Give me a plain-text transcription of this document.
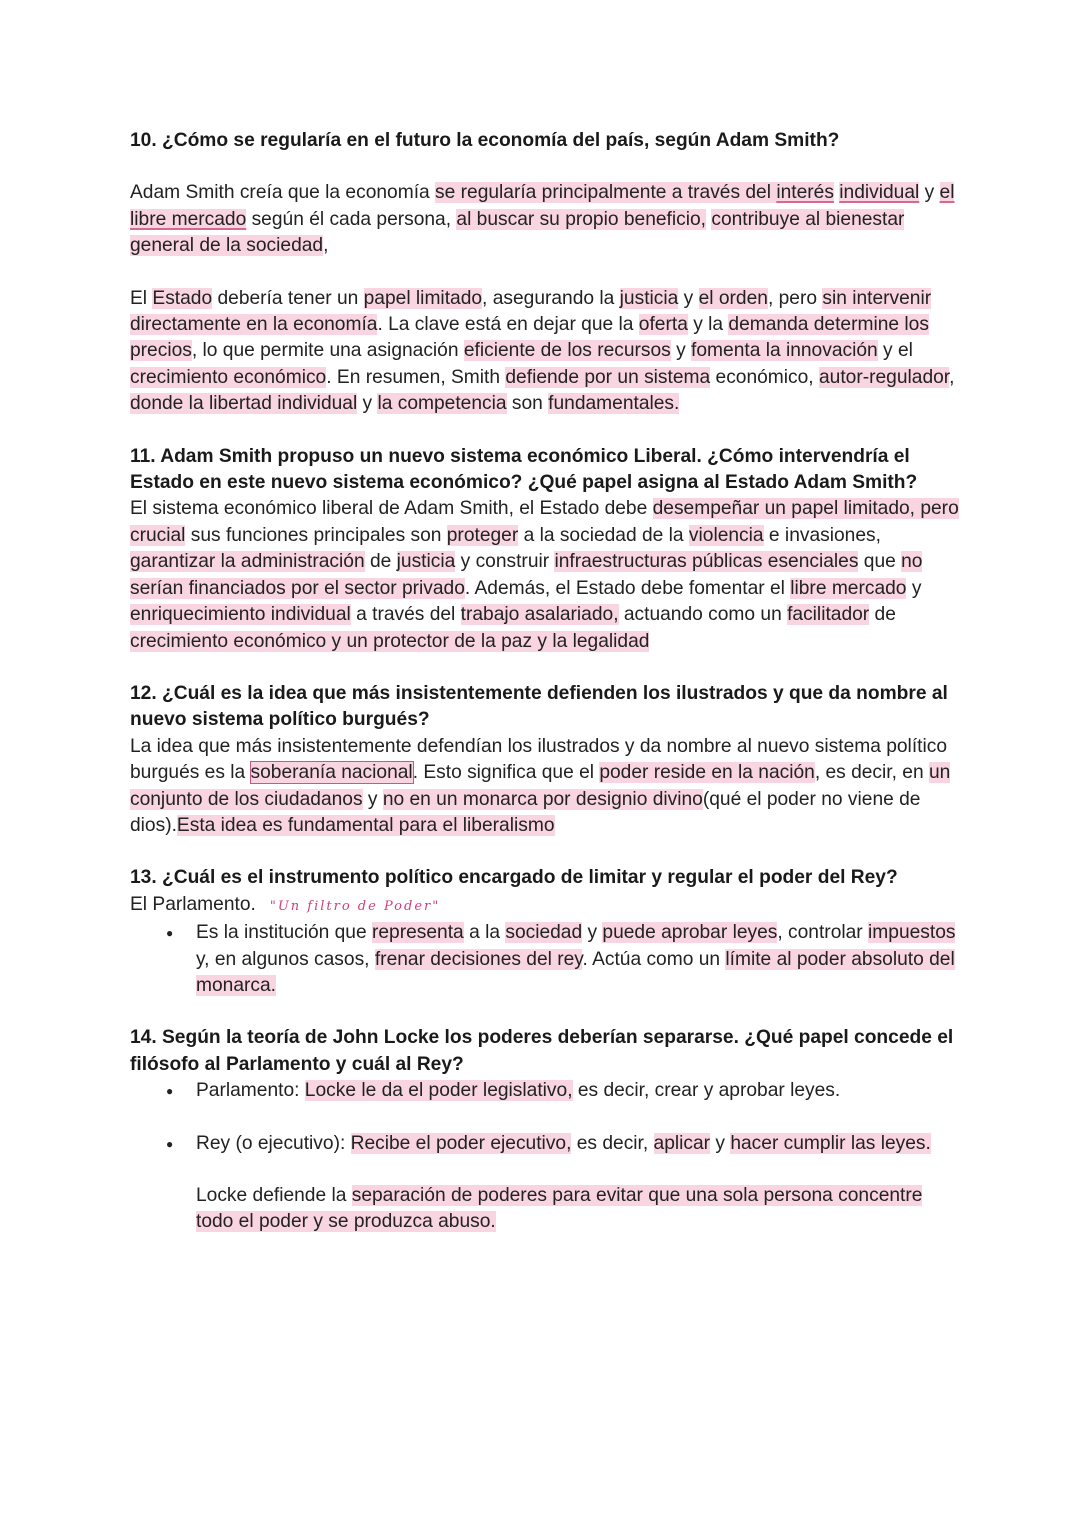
10. ¿Cómo se regularía en el futuro la economía del país, según Adam Smith?

Adam Smith creía que la economía se regularía principalmente a través del interés individual y el libre mercado según él cada persona, al buscar su propio beneficio, contribuye al bienestar general de la sociedad,

El Estado debería tener un papel limitado, asegurando la justicia y el orden, pero sin intervenir directamente en la economía. La clave está en dejar que la oferta y la demanda determine los precios, lo que permite una asignación eficiente de los recursos y fomenta la innovación y el crecimiento económico. En resumen, Smith defiende por un sistema económico, autor-regulador, donde la libertad individual y la competencia son fundamentales.

11. Adam Smith propuso un nuevo sistema económico Liberal. ¿Cómo intervendría el Estado en este nuevo sistema económico? ¿Qué papel asigna al Estado Adam Smith?

El sistema económico liberal de Adam Smith, el Estado debe desempeñar un papel limitado, pero crucial sus funciones principales son proteger a la sociedad de la violencia e invasiones, garantizar la administración de justicia y construir infraestructuras públicas esenciales que no serían financiados por el sector privado. Además, el Estado debe fomentar el libre mercado y enriquecimiento individual a través del trabajo asalariado, actuando como un facilitador de crecimiento económico y un protector de la paz y la legalidad

12. ¿Cuál es la idea que más insistentemente defienden los ilustrados y que da nombre al nuevo sistema político burgués?

La idea que más insistentemente defendían los ilustrados y da nombre al nuevo sistema político burgués es la soberanía nacional. Esto significa que el poder reside en la nación, es decir, en un conjunto de los ciudadanos y no en un monarca por designio divino(qué el poder no viene de dios).Esta idea es fundamental para el liberalismo

13. ¿Cuál es el instrumento político encargado de limitar y regular el poder del Rey?

El Parlamento. "Un filtro de Poder"

● Es la institución que representa a la sociedad y puede aprobar leyes, controlar impuestos y, en algunos casos, frenar decisiones del rey. Actúa como un límite al poder absoluto del monarca.

14. Según la teoría de John Locke los poderes deberían separarse. ¿Qué papel concede el filósofo al Parlamento y cuál al Rey?

● Parlamento: Locke le da el poder legislativo, es decir, crear y aprobar leyes.
● Rey (o ejecutivo): Recibe el poder ejecutivo, es decir, aplicar y hacer cumplir las leyes.

Locke defiende la separación de poderes para evitar que una sola persona concentre todo el poder y se produzca abuso.
